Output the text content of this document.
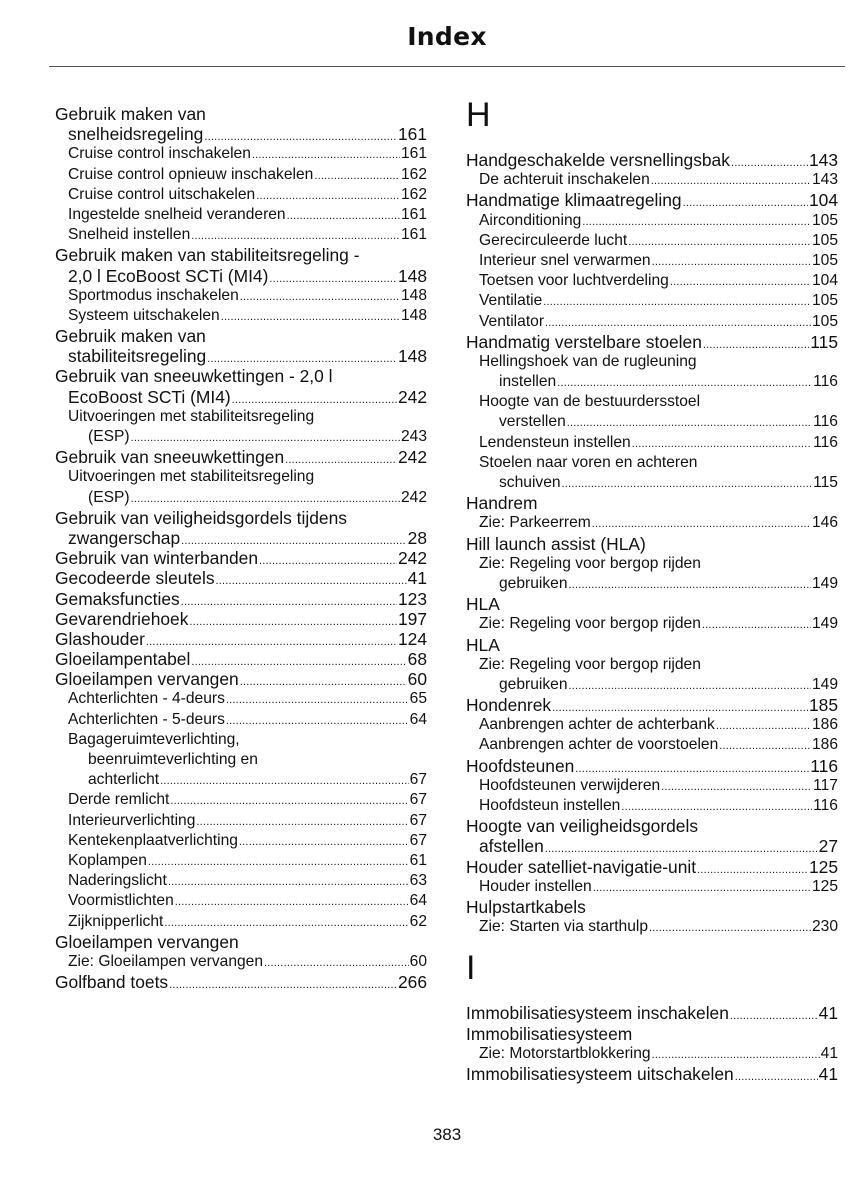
Index
Gebruik maken van
snelheidsregeling .....	161
Cruise control inschakelen .....	161
Cruise control opnieuw inschakelen .....	162
Cruise control uitschakelen .....	162
Ingestelde snelheid veranderen .....	161
Snelheid instellen .....	161
Gebruik maken van stabiliteitsregeling -
2,0 l EcoBoost SCTi (MI4) .....	148
Sportmodus inschakelen .....	148
Systeem uitschakelen .....	148
Gebruik maken van
stabiliteitsregeling .....	148
Gebruik van sneeuwkettingen - 2,0 l
EcoBoost SCTi (MI4) .....	242
Uitvoeringen met stabiliteitsregeling
(ESP) .....	243
Gebruik van sneeuwkettingen .....	242
Uitvoeringen met stabiliteitsregeling
(ESP) .....	242
Gebruik van veiligheidsgordels tijdens
zwangerschap .....	28
Gebruik van winterbanden .....	242
Gecodeerde sleutels .....	41
Gemaksfuncties .....	123
Gevarendriehoek .....	197
Glashouder .....	124
Gloeilampentabel .....	68
Gloeilampen vervangen .....	60
Achterlichten - 4-deurs .....	65
Achterlichten - 5-deurs .....	64
Bagageruimteverlichting,
beenruimteverlichting en
achterlicht .....	67
Derde remlicht .....	67
Interieurverlichting .....	67
Kentekenplaatverlichting .....	67
Koplampen .....	61
Naderingslicht .....	63
Voormistlichten .....	64
Zijknipperlicht .....	62
Gloeilampen vervangen
Zie: Gloeilampen vervangen .....	60
Golfband toets .....	266
H
Handgeschakelde versnellingsbak .....	143
De achteruit inschakelen .....	143
Handmatige klimaatregeling .....	104
Airconditioning .....	105
Gerecirculeerde lucht .....	105
Interieur snel verwarmen .....	105
Toetsen voor luchtverdeling .....	104
Ventilatie .....	105
Ventilator .....	105
Handmatig verstelbare stoelen .....	115
Hellingshoek van de rugleuning
instellen .....	116
Hoogte van de bestuurdersstoel
verstellen .....	116
Lendensteun instellen .....	116
Stoelen naar voren en achteren
schuiven .....	115
Handrem
Zie: Parkeerrem .....	146
Hill launch assist (HLA)
Zie: Regeling voor bergop rijden
gebruiken .....	149
HLA
Zie: Regeling voor bergop rijden .....	149
HLA
Zie: Regeling voor bergop rijden
gebruiken .....	149
Hondenrek .....	185
Aanbrengen achter de achterbank .....	186
Aanbrengen achter de voorstoelen .....	186
Hoofdsteunen .....	116
Hoofdsteunen verwijderen .....	117
Hoofdsteun instellen .....	116
Hoogte van veiligheidsgordels
afstellen .....	27
Houder satelliet-navigatie-unit .....	125
Houder instellen .....	125
Hulpstartkabels
Zie: Starten via starthulp .....	230
I
Immobilisatiesysteem inschakelen .....	41
Immobilisatiesysteem
Zie: Motorstartblokkering .....	41
Immobilisatiesysteem uitschakelen .....	41
383
